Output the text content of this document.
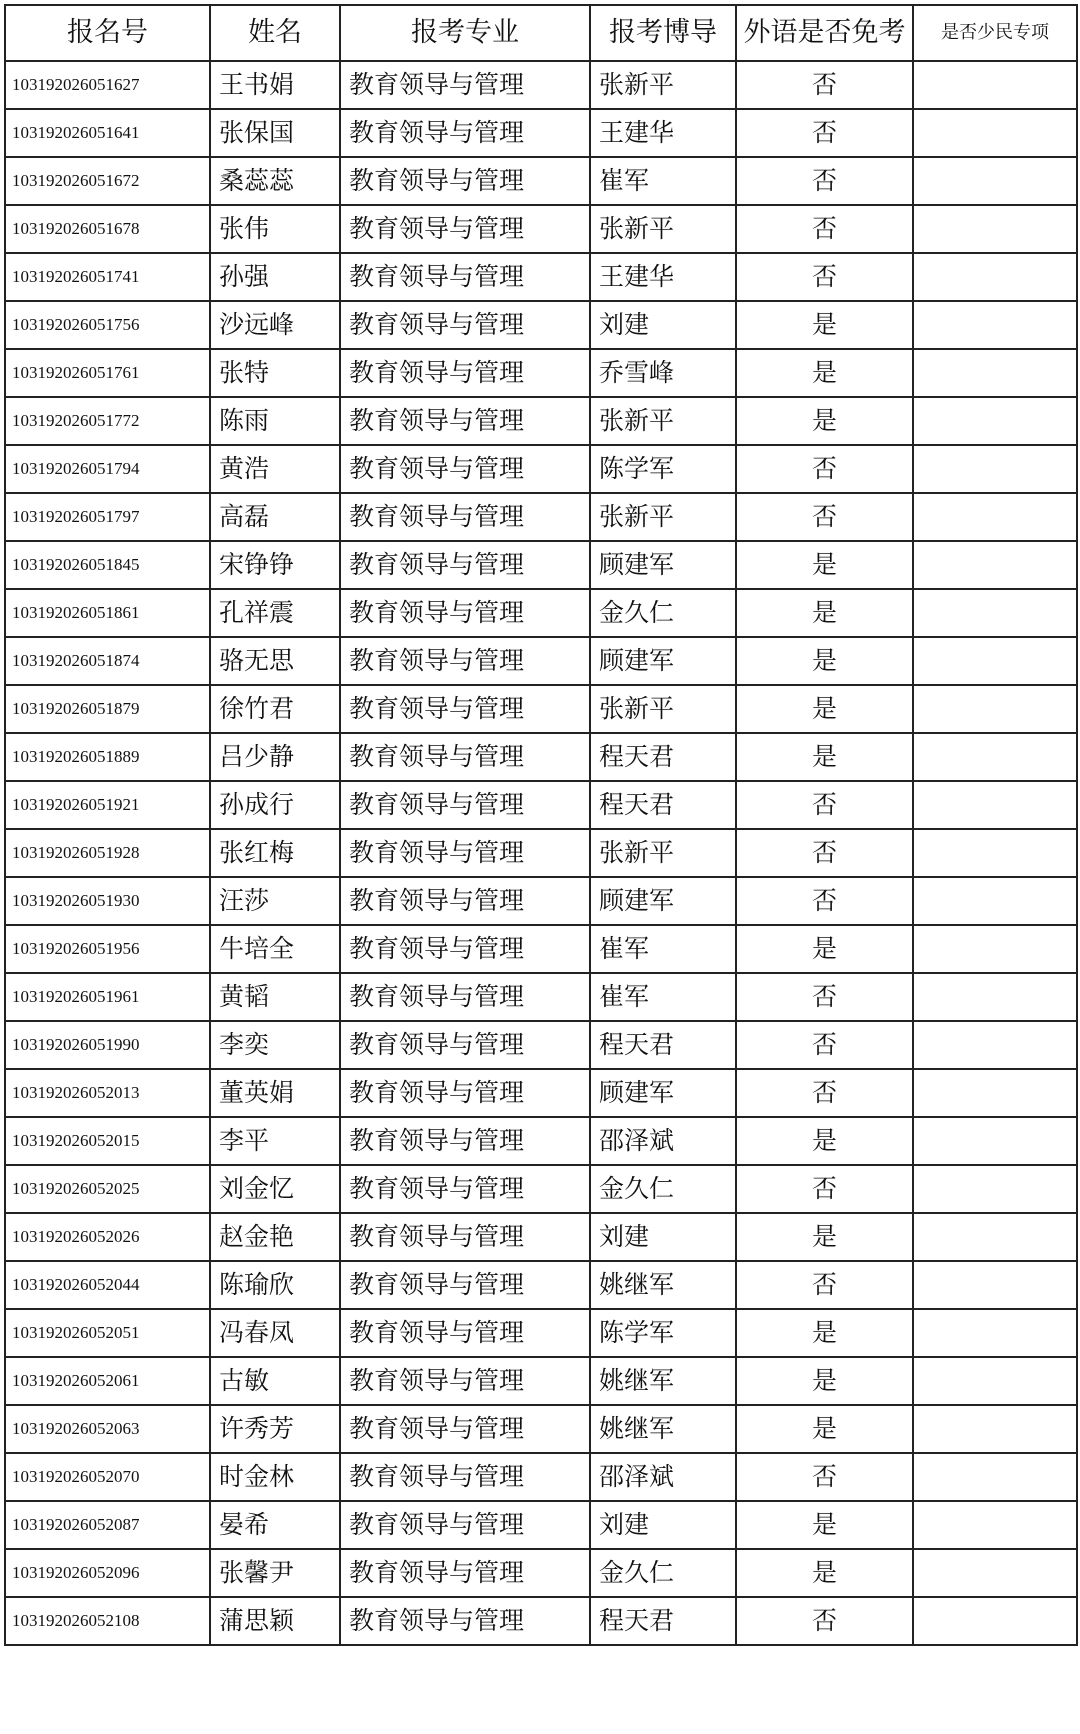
报名号	姓名	报考专业	报考博导	外语是否免考	是否少民专项
103192026051627	王书娟	教育领导与管理	张新平	否	
103192026051641	张保国	教育领导与管理	王建华	否	
103192026051672	桑蕊蕊	教育领导与管理	崔军	否	
103192026051678	张伟	教育领导与管理	张新平	否	
103192026051741	孙强	教育领导与管理	王建华	否	
103192026051756	沙远峰	教育领导与管理	刘建	是	
103192026051761	张特	教育领导与管理	乔雪峰	是	
103192026051772	陈雨	教育领导与管理	张新平	是	
103192026051794	黄浩	教育领导与管理	陈学军	否	
103192026051797	高磊	教育领导与管理	张新平	否	
103192026051845	宋铮铮	教育领导与管理	顾建军	是	
103192026051861	孔祥震	教育领导与管理	金久仁	是	
103192026051874	骆无思	教育领导与管理	顾建军	是	
103192026051879	徐竹君	教育领导与管理	张新平	是	
103192026051889	吕少静	教育领导与管理	程天君	是	
103192026051921	孙成行	教育领导与管理	程天君	否	
103192026051928	张红梅	教育领导与管理	张新平	否	
103192026051930	汪莎	教育领导与管理	顾建军	否	
103192026051956	牛培全	教育领导与管理	崔军	是	
103192026051961	黄韬	教育领导与管理	崔军	否	
103192026051990	李奕	教育领导与管理	程天君	否	
103192026052013	董英娟	教育领导与管理	顾建军	否	
103192026052015	李平	教育领导与管理	邵泽斌	是	
103192026052025	刘金忆	教育领导与管理	金久仁	否	
103192026052026	赵金艳	教育领导与管理	刘建	是	
103192026052044	陈瑜欣	教育领导与管理	姚继军	否	
103192026052051	冯春凤	教育领导与管理	陈学军	是	
103192026052061	古敏	教育领导与管理	姚继军	是	
103192026052063	许秀芳	教育领导与管理	姚继军	是	
103192026052070	时金林	教育领导与管理	邵泽斌	否	
103192026052087	晏希	教育领导与管理	刘建	是	
103192026052096	张馨尹	教育领导与管理	金久仁	是	
103192026052108	蒲思颖	教育领导与管理	程天君	否	
